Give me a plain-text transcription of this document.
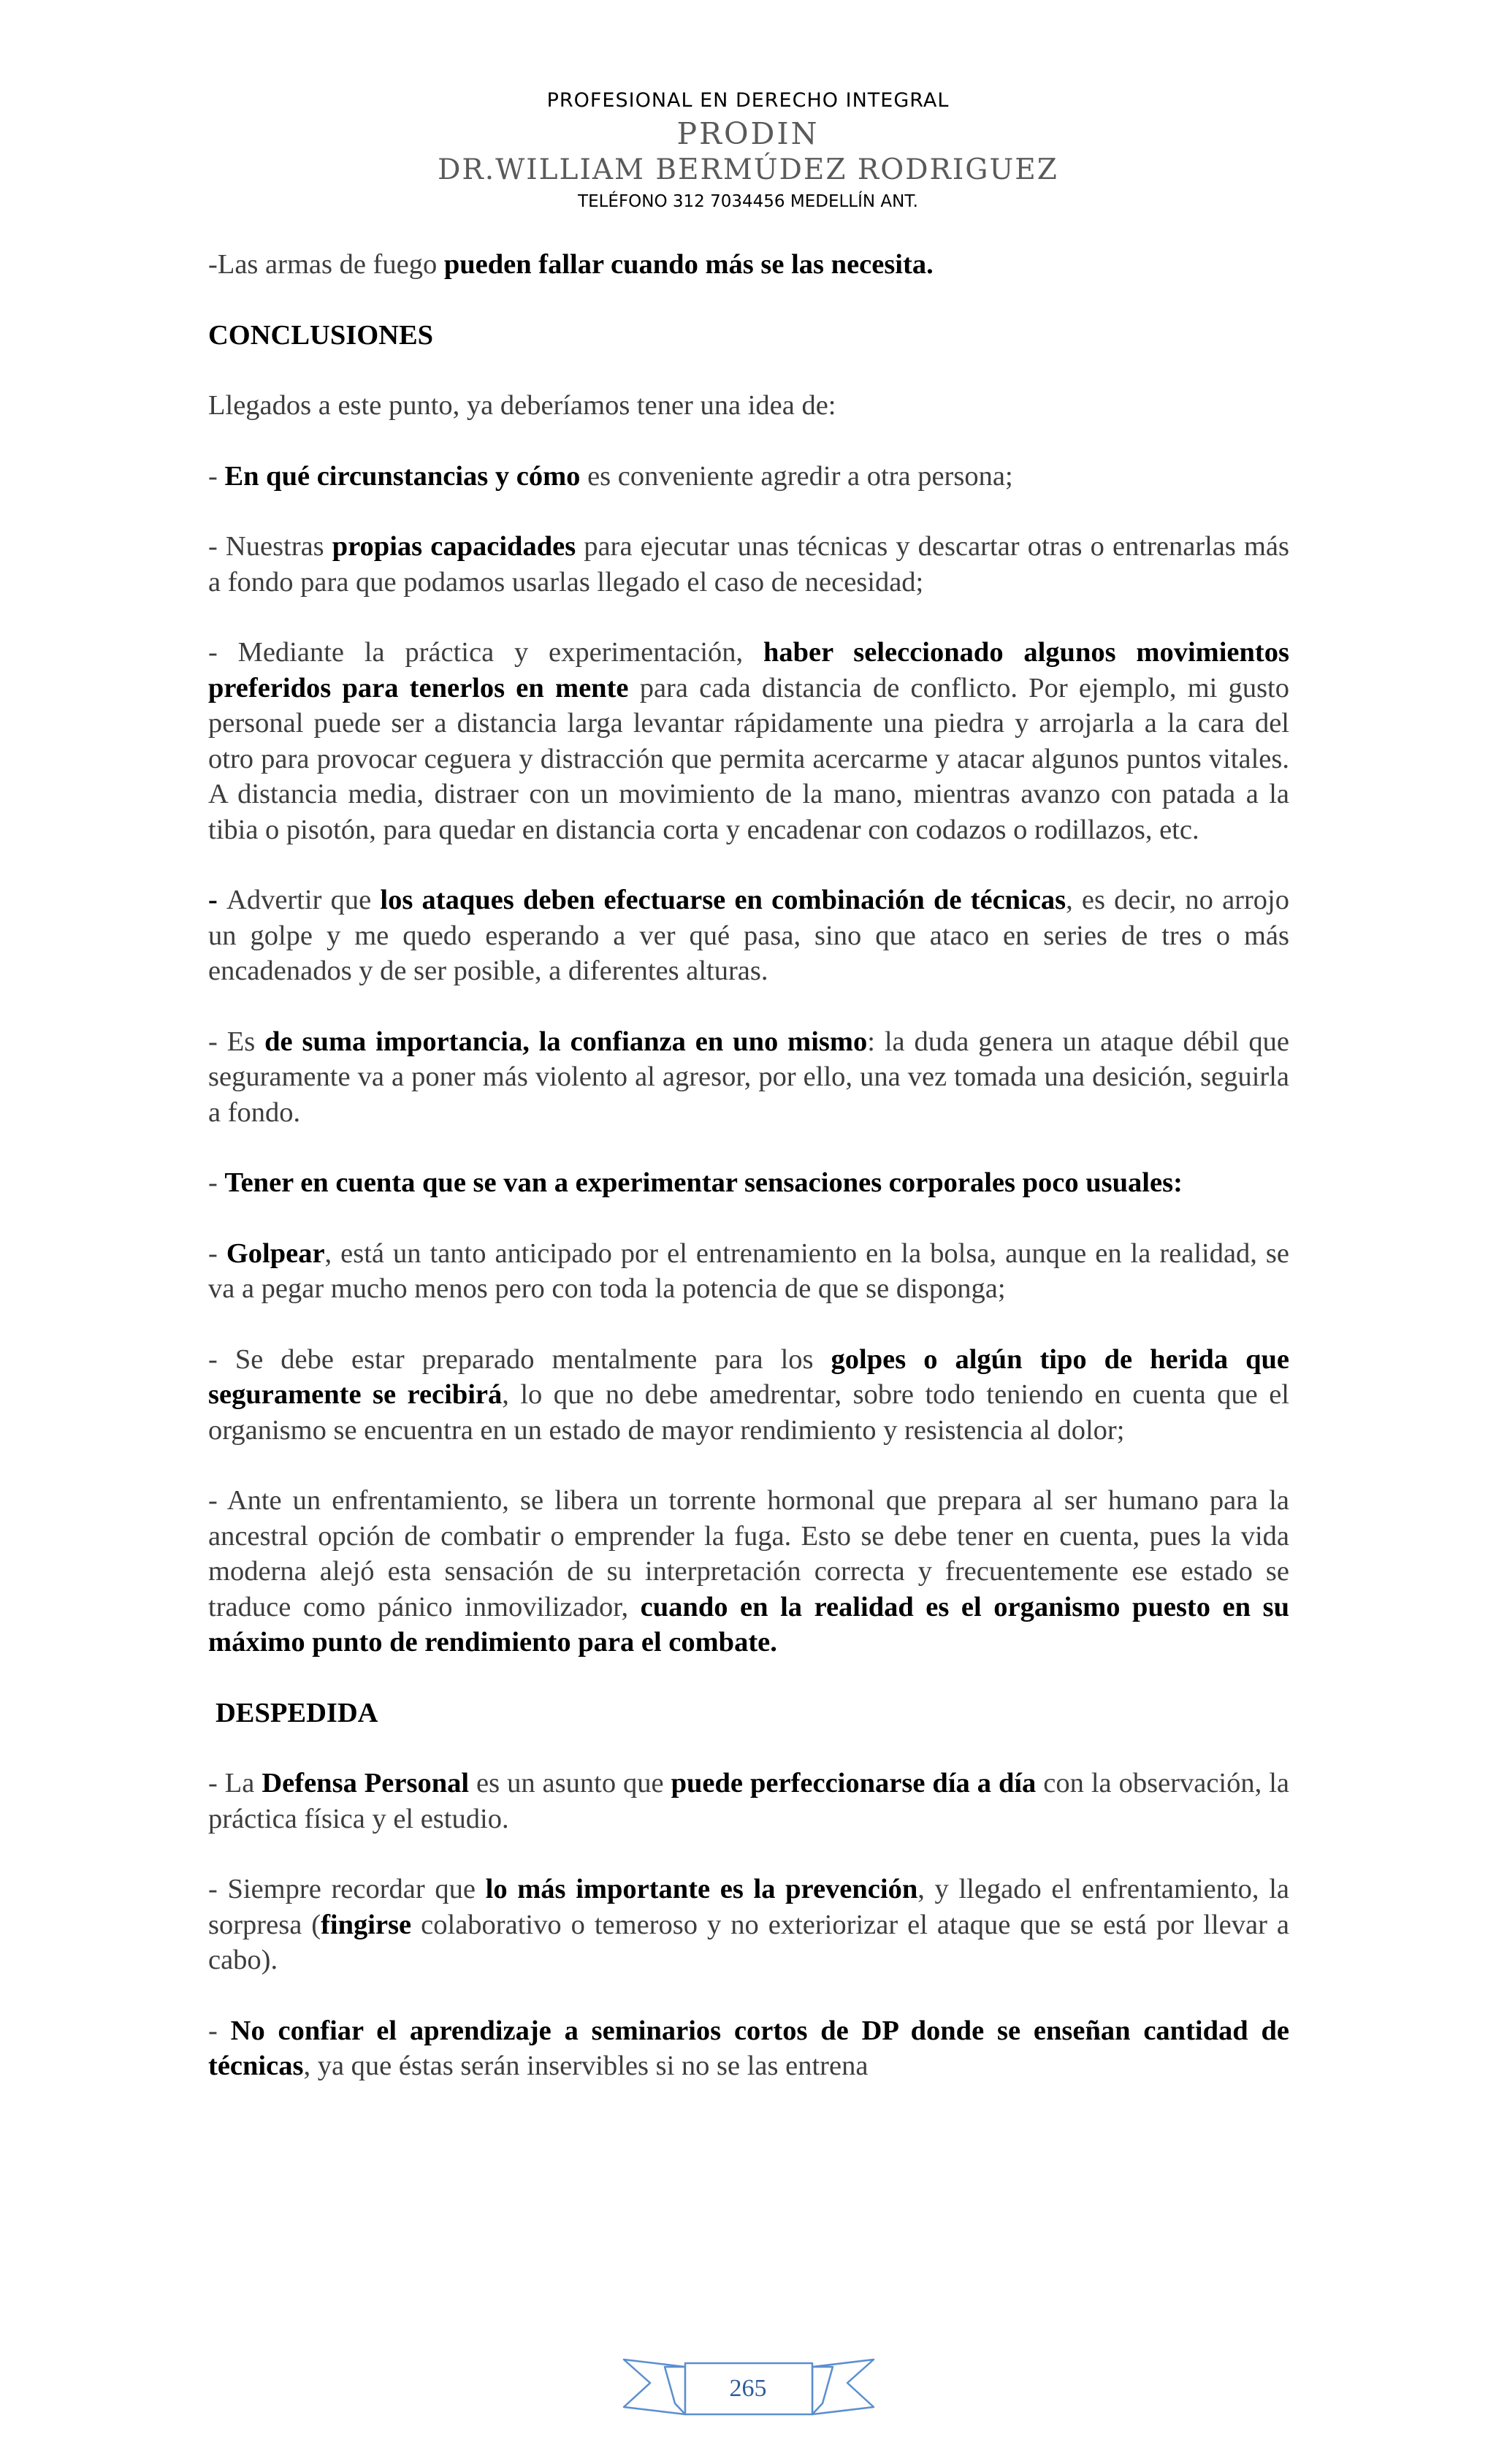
PROFESIONAL EN DERECHO INTEGRAL
PRODIN
DR.WILLIAM BERMÚDEZ RODRIGUEZ
TELÉFONO 312 7034456 MEDELLÍN ANT.

-Las armas de fuego pueden fallar cuando más se las necesita.

CONCLUSIONES

Llegados a este punto, ya deberíamos tener una idea de:

- En qué circunstancias y cómo es conveniente agredir a otra persona;

- Nuestras propias capacidades para ejecutar unas técnicas y descartar otras o entrenarlas más a fondo para que podamos usarlas llegado el caso de necesidad;

- Mediante la práctica y experimentación, haber seleccionado algunos movimientos preferidos para tenerlos en mente para cada distancia de conflicto. Por ejemplo, mi gusto personal puede ser a distancia larga levantar rápidamente una piedra y arrojarla a la cara del otro para provocar ceguera y distracción que permita acercarme y atacar algunos puntos vitales. A distancia media, distraer con un movimiento de la mano, mientras avanzo con patada a la tibia o pisotón, para quedar en distancia corta y encadenar con codazos o rodillazos, etc.

- Advertir que los ataques deben efectuarse en combinación de técnicas, es decir, no arrojo un golpe y me quedo esperando a ver qué pasa, sino que ataco en series de tres o más encadenados y de ser posible, a diferentes alturas.

- Es de suma importancia, la confianza en uno mismo: la duda genera un ataque débil que seguramente va a poner más violento al agresor, por ello, una vez tomada una desición, seguirla a fondo.

- Tener en cuenta que se van a experimentar sensaciones corporales poco usuales:

- Golpear, está un tanto anticipado por el entrenamiento en la bolsa, aunque en la realidad, se va a pegar mucho menos pero con toda la potencia de que se disponga;

- Se debe estar preparado mentalmente para los golpes o algún tipo de herida que seguramente se recibirá, lo que no debe amedrentar, sobre todo teniendo en cuenta que el organismo se encuentra en un estado de mayor rendimiento y resistencia al dolor;

- Ante un enfrentamiento, se libera un torrente hormonal que prepara al ser humano para la ancestral opción de combatir o emprender la fuga. Esto se debe tener en cuenta, pues la vida moderna alejó esta sensación de su interpretación correcta y frecuentemente ese estado se traduce como pánico inmovilizador, cuando en la realidad es el organismo puesto en su máximo punto de rendimiento para el combate.

DESPEDIDA

- La Defensa Personal es un asunto que puede perfeccionarse día a día con la observación, la práctica física y el estudio.

- Siempre recordar que lo más importante es la prevención, y llegado el enfrentamiento, la sorpresa (fingirse colaborativo o temeroso y no exteriorizar el ataque que se está por llevar a cabo).

- No confiar el aprendizaje a seminarios cortos de DP donde se enseñan cantidad de técnicas, ya que éstas serán inservibles si no se las entrena

265
